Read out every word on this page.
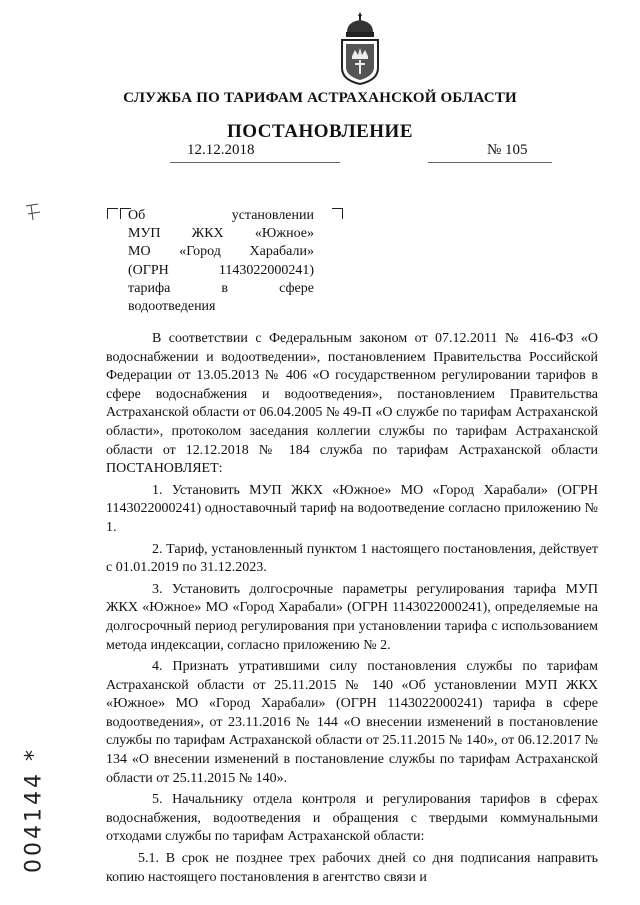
СЛУЖБА ПО ТАРИФАМ АСТРАХАНСКОЙ ОБЛАСТИ
ПОСТАНОВЛЕНИЕ
12.12.2018	№ 105
Об	установлении
МУП ЖКХ «Южное»
МО «Город Харабали»
(ОГРН	1143022000241)
тарифа	в	сфере
водоотведения

В соответствии с Федеральным законом от 07.12.2011 № 416-ФЗ «О водоснабжении и водоотведении», постановлением Правительства Российской Федерации от 13.05.2013 № 406 «О государственном регулировании тарифов в сфере водоснабжения и водоотведения», постановлением Правительства Астраханской области от 06.04.2005 № 49-П «О службе по тарифам Астраханской области», протоколом заседания коллегии службы по тарифам Астраханской области от 12.12.2018 № 184 служба по тарифам Астраханской области ПОСТАНОВЛЯЕТ:

1. Установить МУП ЖКХ «Южное» МО «Город Харабали» (ОГРН 1143022000241) одноставочный тариф на водоотведение согласно приложению № 1.

2. Тариф, установленный пунктом 1 настоящего постановления, действует с 01.01.2019 по 31.12.2023.

3. Установить долгосрочные параметры регулирования тарифа МУП ЖКХ «Южное» МО «Город Харабали» (ОГРН 1143022000241), определяемые на долгосрочный период регулирования при установлении тарифа с использованием метода индексации, согласно приложению № 2.

4. Признать утратившими силу постановления службы по тарифам Астраханской области от 25.11.2015 № 140 «Об установлении МУП ЖКХ «Южное» МО «Город Харабали» (ОГРН 1143022000241) тарифа в сфере водоотведения», от 23.11.2016 № 144 «О внесении изменений в постановление службы по тарифам Астраханской области от 25.11.2015 № 140», от 06.12.2017 № 134 «О внесении изменений в постановление службы по тарифам Астраханской области от 25.11.2015 № 140».

5. Начальнику отдела контроля и регулирования тарифов в сферах водоснабжения, водоотведения и обращения с твердыми коммунальными отходами службы по тарифам Астраханской области:

5.1. В срок не позднее трех рабочих дней со дня подписания направить копию настоящего постановления в агентство связи и

004144 *
